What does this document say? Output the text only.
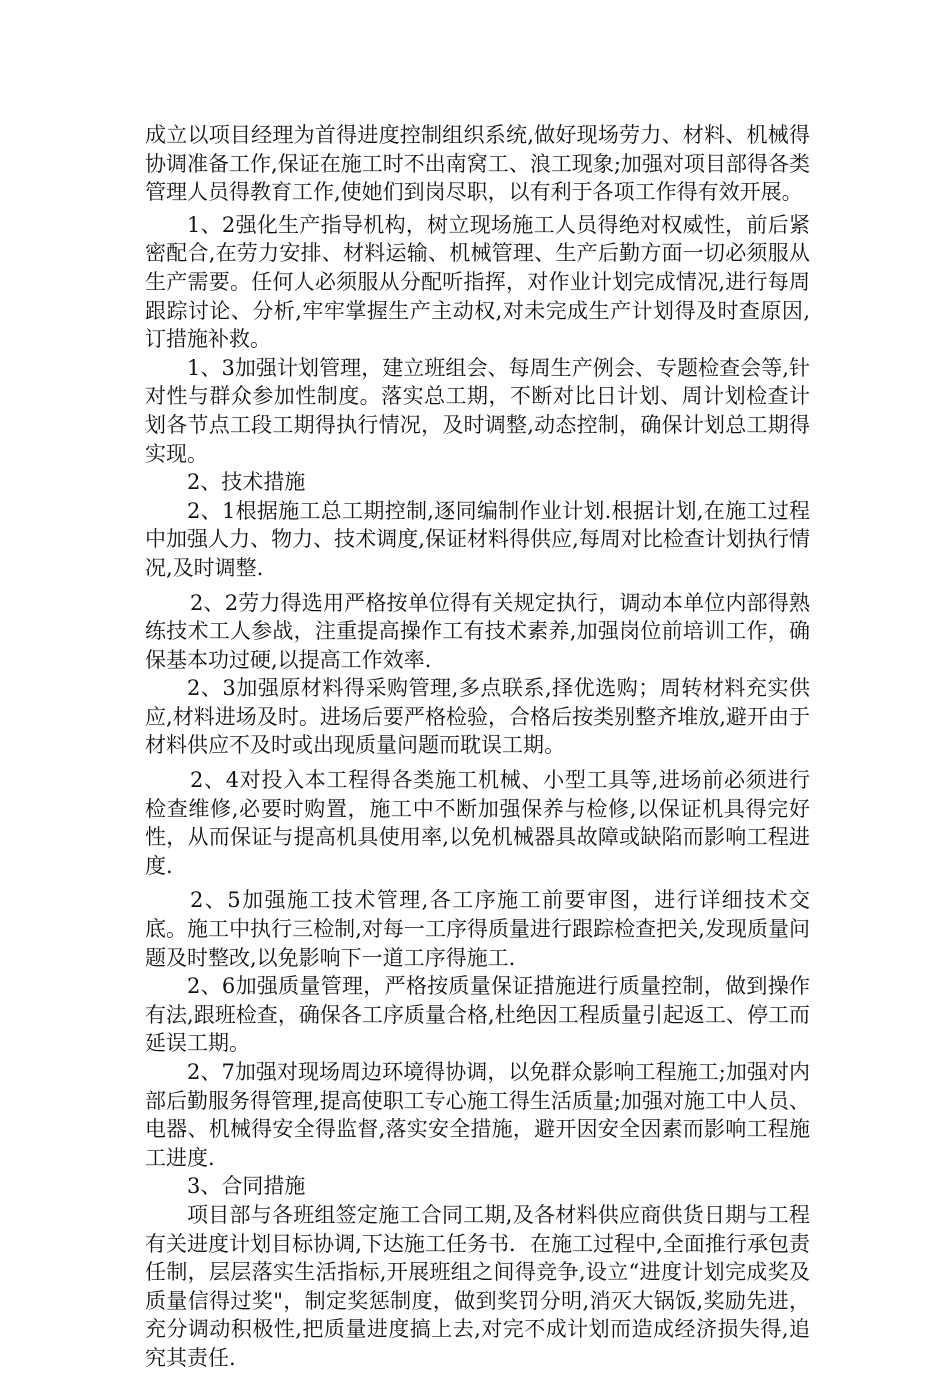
成立以项目经理为首得进度控制组织系统,做好现场劳力、材料、机械得协调准备工作,保证在施工时不出南窝工、浪工现象;加强对项目部得各类管理人员得教育工作,使她们到岗尽职，以有利于各项工作得有效开展。

1、2强化生产指导机构，树立现场施工人员得绝对权威性，前后紧密配合,在劳力安排、材料运输、机械管理、生产后勤方面一切必须服从生产需要。任何人必须服从分配听指挥，对作业计划完成情况,进行每周跟踪讨论、分析,牢牢掌握生产主动权,对未完成生产计划得及时查原因,订措施补救。

1、3加强计划管理，建立班组会、每周生产例会、专题检查会等,针对性与群众参加性制度。落实总工期，不断对比日计划、周计划检查计划各节点工段工期得执行情况，及时调整,动态控制，确保计划总工期得实现。

2、技术措施

2、1根据施工总工期控制,逐同编制作业计划.根据计划,在施工过程中加强人力、物力、技术调度,保证材料得供应,每周对比检查计划执行情况,及时调整.

2、2劳力得选用严格按单位得有关规定执行，调动本单位内部得熟练技术工人参战，注重提高操作工有技术素养,加强岗位前培训工作，确保基本功过硬,以提高工作效率.

2、3加强原材料得采购管理,多点联系,择优选购；周转材料充实供应,材料进场及时。进场后要严格检验，合格后按类别整齐堆放,避开由于材料供应不及时或出现质量问题而耽误工期。

2、4对投入本工程得各类施工机械、小型工具等,进场前必须进行检查维修,必要时购置，施工中不断加强保养与检修,以保证机具得完好性，从而保证与提高机具使用率,以免机械器具故障或缺陷而影响工程进度.

2、5加强施工技术管理,各工序施工前要审图，进行详细技术交底。施工中执行三检制,对每一工序得质量进行跟踪检查把关,发现质量问题及时整改,以免影响下一道工序得施工.

2、6加强质量管理，严格按质量保证措施进行质量控制，做到操作有法,跟班检查，确保各工序质量合格,杜绝因工程质量引起返工、停工而延误工期。

2、7加强对现场周边环境得协调，以免群众影响工程施工;加强对内部后勤服务得管理,提高使职工专心施工得生活质量;加强对施工中人员、电器、机械得安全得监督,落实安全措施，避开因安全因素而影响工程施工进度.

3、合同措施

项目部与各班组签定施工合同工期,及各材料供应商供货日期与工程有关进度计划目标协调,下达施工任务书．在施工过程中,全面推行承包责任制，层层落实生活指标,开展班组之间得竞争,设立“进度计划完成奖及质量信得过奖"，制定奖惩制度，做到奖罚分明,消灭大锅饭,奖励先进，充分调动积极性,把质量进度搞上去,对完不成计划而造成经济损失得,追究其责任.
